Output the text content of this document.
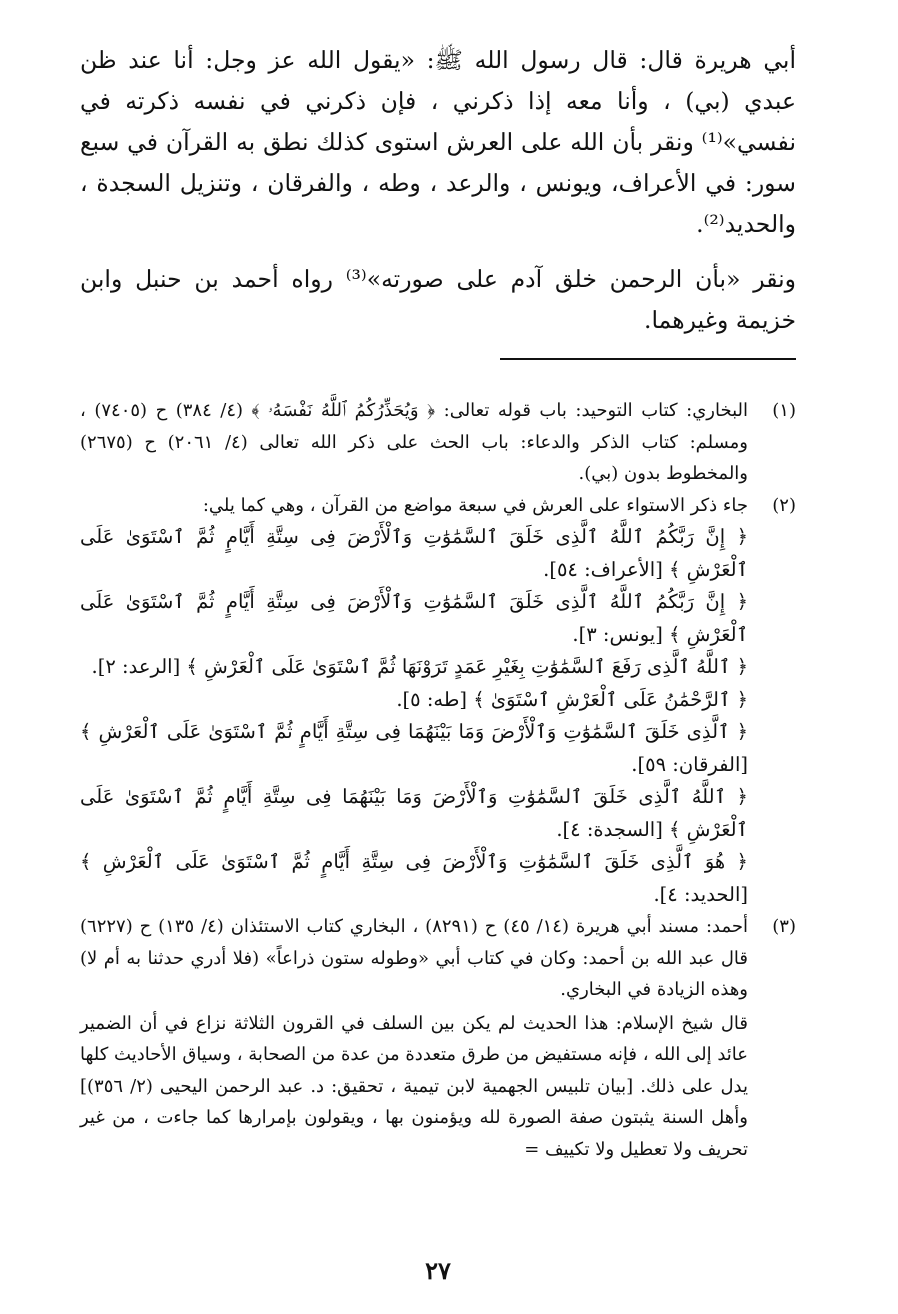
أبي هريرة قال: قال رسول الله ﷺ: «يقول الله عز وجل: أنا عند ظن عبدي (بي) ، وأنا معه إذا ذكرني ، فإن ذكرني في نفسه ذكرته في نفسي»⁽¹⁾ ونقر بأن الله على العرش استوى كذلك نطق به القرآن في سبع سور: في الأعراف، ويونس ، والرعد ، وطه ، والفرقان ، وتنزيل السجدة ، والحديد⁽²⁾.

ونقر «بأن الرحمن خلق آدم على صورته»⁽³⁾ رواه أحمد بن حنبل وابن خزيمة وغيرهما.

(١)

البخاري: كتاب التوحيد: باب قوله تعالى: ﴿ وَيُحَذِّرُكُمُ ٱللَّهُ نَفْسَهُۥ ﴾ (٤/ ٣٨٤) ح (٧٤٠٥) ، ومسلم: كتاب الذكر والدعاء: باب الحث على ذكر الله تعالى (٤/ ٢٠٦١) ح (٢٦٧٥) والمخطوط بدون (بي).

(٢)

جاء ذكر الاستواء على العرش في سبعة مواضع من القرآن ، وهي كما يلي:

﴿ إِنَّ رَبَّكُمُ ٱللَّهُ ٱلَّذِى خَلَقَ ٱلسَّمَٰوَٰتِ وَٱلْأَرْضَ فِى سِتَّةِ أَيَّامٍ ثُمَّ ٱسْتَوَىٰ عَلَى ٱلْعَرْشِ ﴾ [الأعراف: ٥٤].

﴿ إِنَّ رَبَّكُمُ ٱللَّهُ ٱلَّذِى خَلَقَ ٱلسَّمَٰوَٰتِ وَٱلْأَرْضَ فِى سِتَّةِ أَيَّامٍ ثُمَّ ٱسْتَوَىٰ عَلَى ٱلْعَرْشِ ﴾ [يونس: ٣].

﴿ ٱللَّهُ ٱلَّذِى رَفَعَ ٱلسَّمَٰوَٰتِ بِغَيْرِ عَمَدٍ تَرَوْنَهَا ثُمَّ ٱسْتَوَىٰ عَلَى ٱلْعَرْشِ ﴾ [الرعد: ٢].

﴿ ٱلرَّحْمَٰنُ عَلَى ٱلْعَرْشِ ٱسْتَوَىٰ ﴾ [طه: ٥].

﴿ ٱلَّذِى خَلَقَ ٱلسَّمَٰوَٰتِ وَٱلْأَرْضَ وَمَا بَيْنَهُمَا فِى سِتَّةِ أَيَّامٍ ثُمَّ ٱسْتَوَىٰ عَلَى ٱلْعَرْشِ ﴾ [الفرقان: ٥٩].

﴿ ٱللَّهُ ٱلَّذِى خَلَقَ ٱلسَّمَٰوَٰتِ وَٱلْأَرْضَ وَمَا بَيْنَهُمَا فِى سِتَّةِ أَيَّامٍ ثُمَّ ٱسْتَوَىٰ عَلَى ٱلْعَرْشِ ﴾ [السجدة: ٤].

﴿ هُوَ ٱلَّذِى خَلَقَ ٱلسَّمَٰوَٰتِ وَٱلْأَرْضَ فِى سِتَّةِ أَيَّامٍ ثُمَّ ٱسْتَوَىٰ عَلَى ٱلْعَرْشِ ﴾ [الحديد: ٤].

(٣)

أحمد: مسند أبي هريرة (١٤/ ٤٥) ح (٨٢٩١) ، البخاري كتاب الاستئذان (٤/ ١٣٥) ح (٦٢٢٧) قال عبد الله بن أحمد: وكان في كتاب أبي «وطوله ستون ذراعاً» (فلا أدري حدثنا به أم لا) وهذه الزيادة في البخاري.

قال شيخ الإسلام: هذا الحديث لم يكن بين السلف في القرون الثلاثة نزاع في أن الضمير عائد إلى الله ، فإنه مستفيض من طرق متعددة من عدة من الصحابة ، وسياق الأحاديث كلها يدل على ذلك. [بيان تلبيس الجهمية لابن تيمية ، تحقيق: د. عبد الرحمن اليحيى (٢/ ٣٥٦)] وأهل السنة يثبتون صفة الصورة لله ويؤمنون بها ، ويقولون بإمرارها كما جاءت ، من غير تحريف ولا تعطيل ولا تكييف =

٢٧
